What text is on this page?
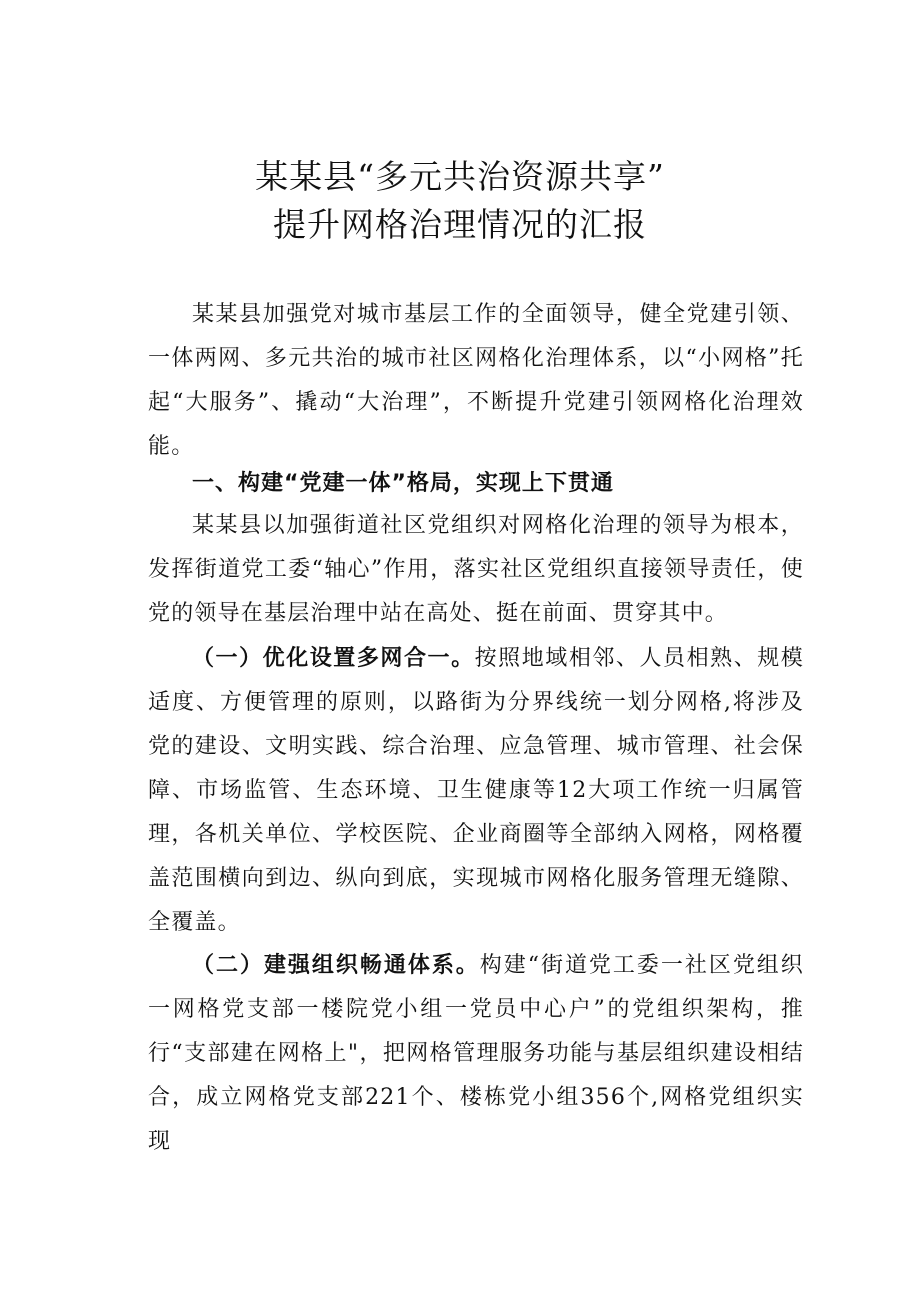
某某县“多元共治资源共享”
提升网格治理情况的汇报

某某县加强党对城市基层工作的全面领导，健全党建引领、一体两网、多元共治的城市社区网格化治理体系，以“小网格”托起“大服务”、撬动“大治理”，不断提升党建引领网格化治理效能。

一、构建“党建一体”格局，实现上下贯通

某某县以加强街道社区党组织对网格化治理的领导为根本，发挥街道党工委“轴心”作用，落实社区党组织直接领导责任，使党的领导在基层治理中站在高处、挺在前面、贯穿其中。

（一）优化设置多网合一。按照地域相邻、人员相熟、规模适度、方便管理的原则，以路街为分界线统一划分网格,将涉及党的建设、文明实践、综合治理、应急管理、城市管理、社会保障、市场监管、生态环境、卫生健康等12大项工作统一归属管理，各机关单位、学校医院、企业商圈等全部纳入网格，网格覆盖范围横向到边、纵向到底，实现城市网格化服务管理无缝隙、全覆盖。

（二）建强组织畅通体系。构建“街道党工委一社区党组织一网格党支部一楼院党小组一党员中心户”的党组织架构，推行“支部建在网格上"，把网格管理服务功能与基层组织建设相结合，成立网格党支部221个、楼栋党小组356个,网格党组织实现
